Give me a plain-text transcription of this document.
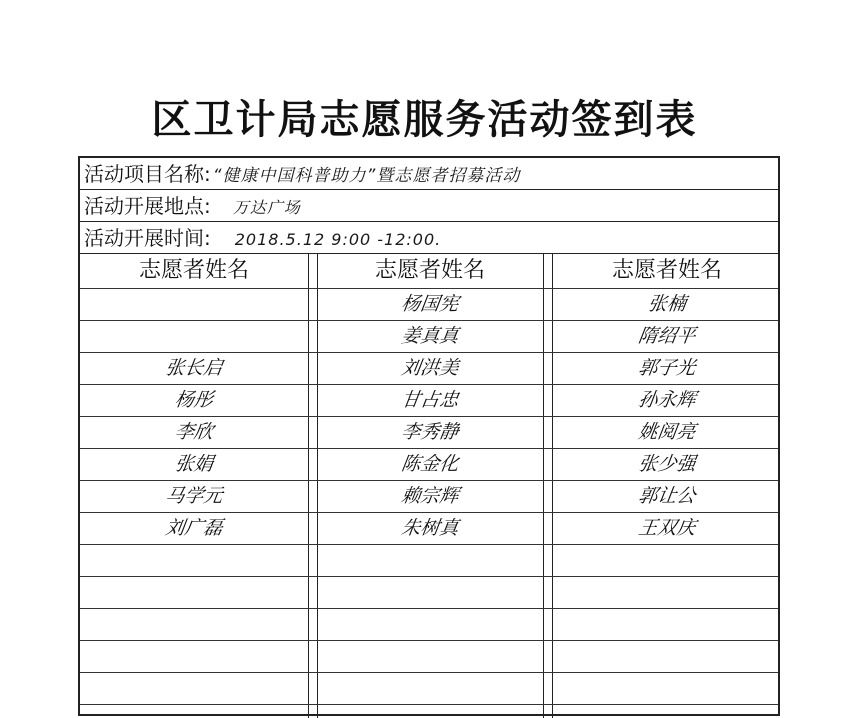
区卫计局志愿服务活动签到表
活动项目名称: “健康中国科普助力”暨志愿者招募活动
活动开展地点: 万达广场
活动开展时间: 2018.5.12 9:00 -12:00.
志愿者姓名	志愿者姓名	志愿者姓名
张长启
杨彤
李欣
张娟
马学元
刘广磊
杨国宪
姜真真
刘洪美
甘占忠
李秀静
陈金化
赖宗辉
朱树真
张楠
隋绍平
郭子光
孙永辉
姚阅亮
张少强
郭让公
王双庆
